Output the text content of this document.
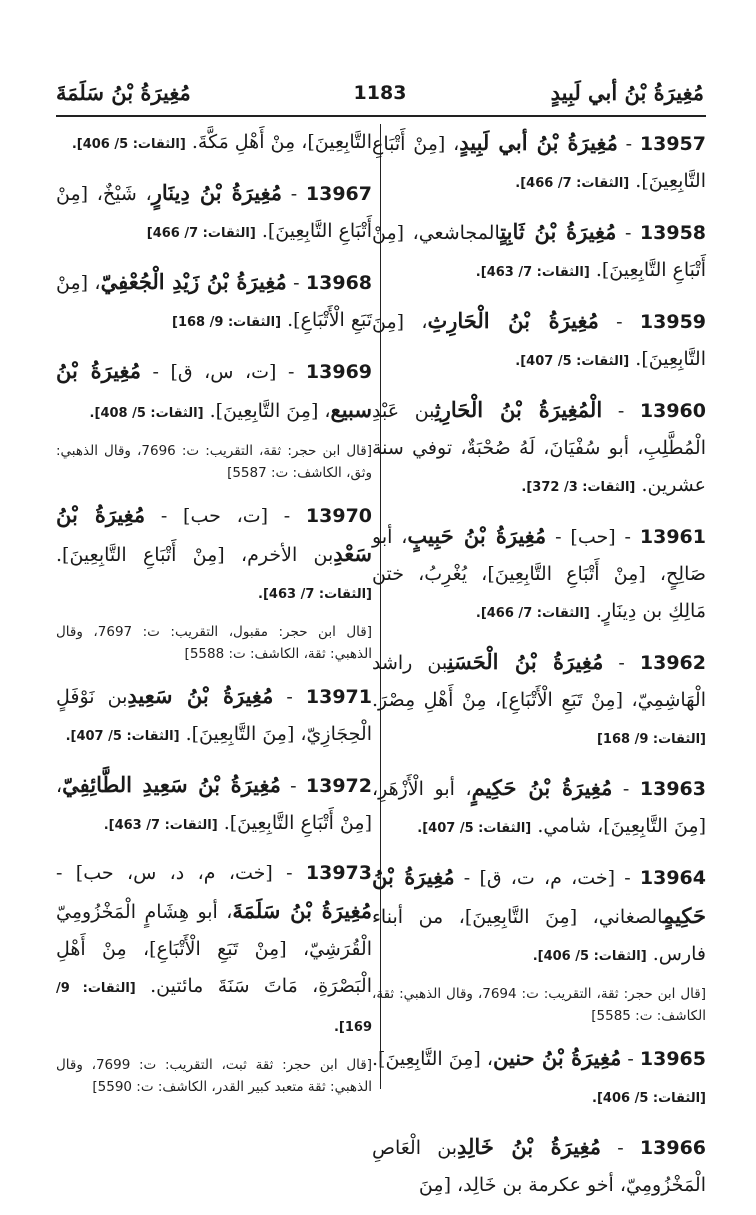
مُغِيرَةُ بْنُ أبي لَبِيدٍ
1183
مُغِيرَةُ بْنُ سَلَمَةَ
13957 - مُغِيرَةُ بْنُ أبي لَبِيدٍ، [مِنْ أَتْبَاعِ التَّابِعِينَ]. [الثقات: 7/ 466].
13958 - مُغِيرَةُ بْنُ ثَابِتٍالمجاشعي، [مِنْ أَتْبَاعِ التَّابِعِينَ]. [الثقات: 7/ 463].
13959 - مُغِيرَةُ بْنُ الْحَارِثِ، [مِنَ التَّابِعِينَ]. [الثقات: 5/ 407].
13960 - الْمُغِيرَةُ بْنُ الْحَارِثِبن عَبْدِ الْمُطَّلِبِ، أبو سُفْيَانَ، لَهُ صُحْبَةٌ، توفي سنة عشرين. [الثقات: 3/ 372].
13961 - [حب] - مُغِيرَةُ بْنُ حَبِيبٍ، أبو صَالِحٍ، [مِنْ أَتْبَاعِ التَّابِعِينَ]، يُغْرِبُ، ختن مَالِكِ بن دِينَارٍ. [الثقات: 7/ 466].
13962 - مُغِيرَةُ بْنُ الْحَسَنِبن راشد الْهَاشِمِيّ، [مِنْ تَبَعِ الْأَتْبَاعِ]، مِنْ أَهْلِ مِصْرَ. [الثقات: 9/ 168]
13963 - مُغِيرَةُ بْنُ حَكِيمٍ، أبو الْأَزْهَرِ، [مِنَ التَّابِعِينَ]، شامي. [الثقات: 5/ 407].
13964 - [خت، م، ت، ق] - مُغِيرَةُ بْنُ حَكِيمٍالصغاني، [مِنَ التَّابِعِينَ]، من أبناء فارس. [الثقات: 5/ 406].
[قال ابن حجر: ثقة، التقريب: ت: 7694، وقال الذهبي: ثقة، الكاشف: ت: 5585]
13965 - مُغِيرَةُ بْنُ حنين، [مِنَ التَّابِعِينَ]. [الثقات: 5/ 406].
13966 - مُغِيرَةُ بْنُ خَالِدِبن الْعَاصِ الْمَخْزُومِيّ، أخو عكرمة بن خَالِد، [مِنَ
التَّابِعِينَ]، مِنْ أَهْلِ مَكَّةَ. [الثقات: 5/ 406].
13967 - مُغِيرَةُ بْنُ دِينَارٍ، شَيْخٌ، [مِنْ أَتْبَاعِ التَّابِعِينَ]. [الثقات: 7/ 466]
13968 - مُغِيرَةُ بْنُ زَيْدِ الْجُعْفِيّ، [مِنْ تَبَعِ الْأَتْبَاعِ]. [الثقات: 9/ 168]
13969 - [ت، س، ق] - مُغِيرَةُ بْنُ سبيع، [مِنَ التَّابِعِينَ]. [الثقات: 5/ 408].
[قال ابن حجر: ثقة، التقريب: ت: 7696، وقال الذهبي: وثق، الكاشف: ت: 5587]
13970 - [ت، حب] - مُغِيرَةُ بْنُ سَعْدِبن الأخرم، [مِنْ أَتْبَاعِ التَّابِعِينَ]. [الثقات: 7/ 463].
[قال ابن حجر: مقبول، التقريب: ت: 7697، وقال الذهبي: ثقة، الكاشف: ت: 5588]
13971 - مُغِيرَةُ بْنُ سَعِيدِبن نَوْفَلٍ الْحِجَازِيّ، [مِنَ التَّابِعِينَ]. [الثقات: 5/ 407].
13972 - مُغِيرَةُ بْنُ سَعِيدِ الطَّائِفِيّ، [مِنْ أَتْبَاعِ التَّابِعِينَ]. [الثقات: 7/ 463].
13973 - [خت، م، د، س، حب] - مُغِيرَةُ بْنُ سَلَمَةَ، أبو هِشَامٍ الْمَخْزُومِيّ الْقُرَشِيّ، [مِنْ تَبَعِ الْأَتْبَاعِ]، مِنْ أَهْلِ الْبَصْرَةِ، مَاتَ سَنَةَ مائتين. [الثقات: 9/ 169].
[قال ابن حجر: ثقة ثبت، التقريب: ت: 7699، وقال الذهبي: ثقة متعبد كبير القدر، الكاشف: ت: 5590]
